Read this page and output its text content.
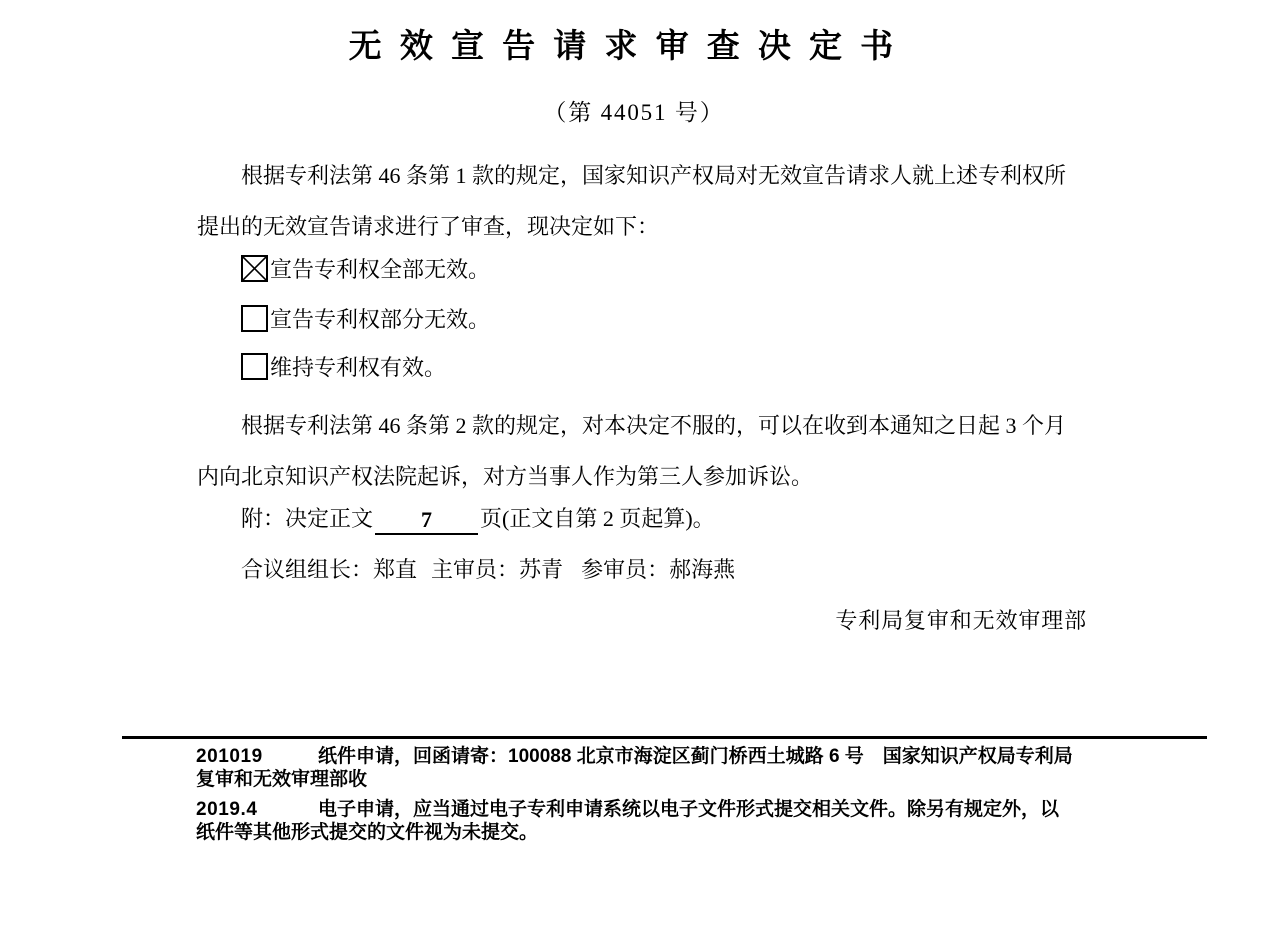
无效宣告请求审查决定书
（第 44051 号）
根据专利法第 46 条第 1 款的规定，国家知识产权局对无效宣告请求人就上述专利权所
提出的无效宣告请求进行了审查，现决定如下：
宣告专利权全部无效。
宣告专利权部分无效。
维持专利权有效。
根据专利法第 46 条第 2 款的规定，对本决定不服的，可以在收到本通知之日起 3 个月
内向北京知识产权法院起诉，对方当事人作为第三人参加诉讼。
附：决定正文 7 页(正文自第 2 页起算)。
合议组组长：郑直 主审员：苏青 参审员：郝海燕
专利局复审和无效审理部
201019	纸件申请，回函请寄：100088 北京市海淀区蓟门桥西土城路 6 号　国家知识产权局专利局
复审和无效审理部收
2019.4	电子申请，应当通过电子专利申请系统以电子文件形式提交相关文件。除另有规定外，以
纸件等其他形式提交的文件视为未提交。
